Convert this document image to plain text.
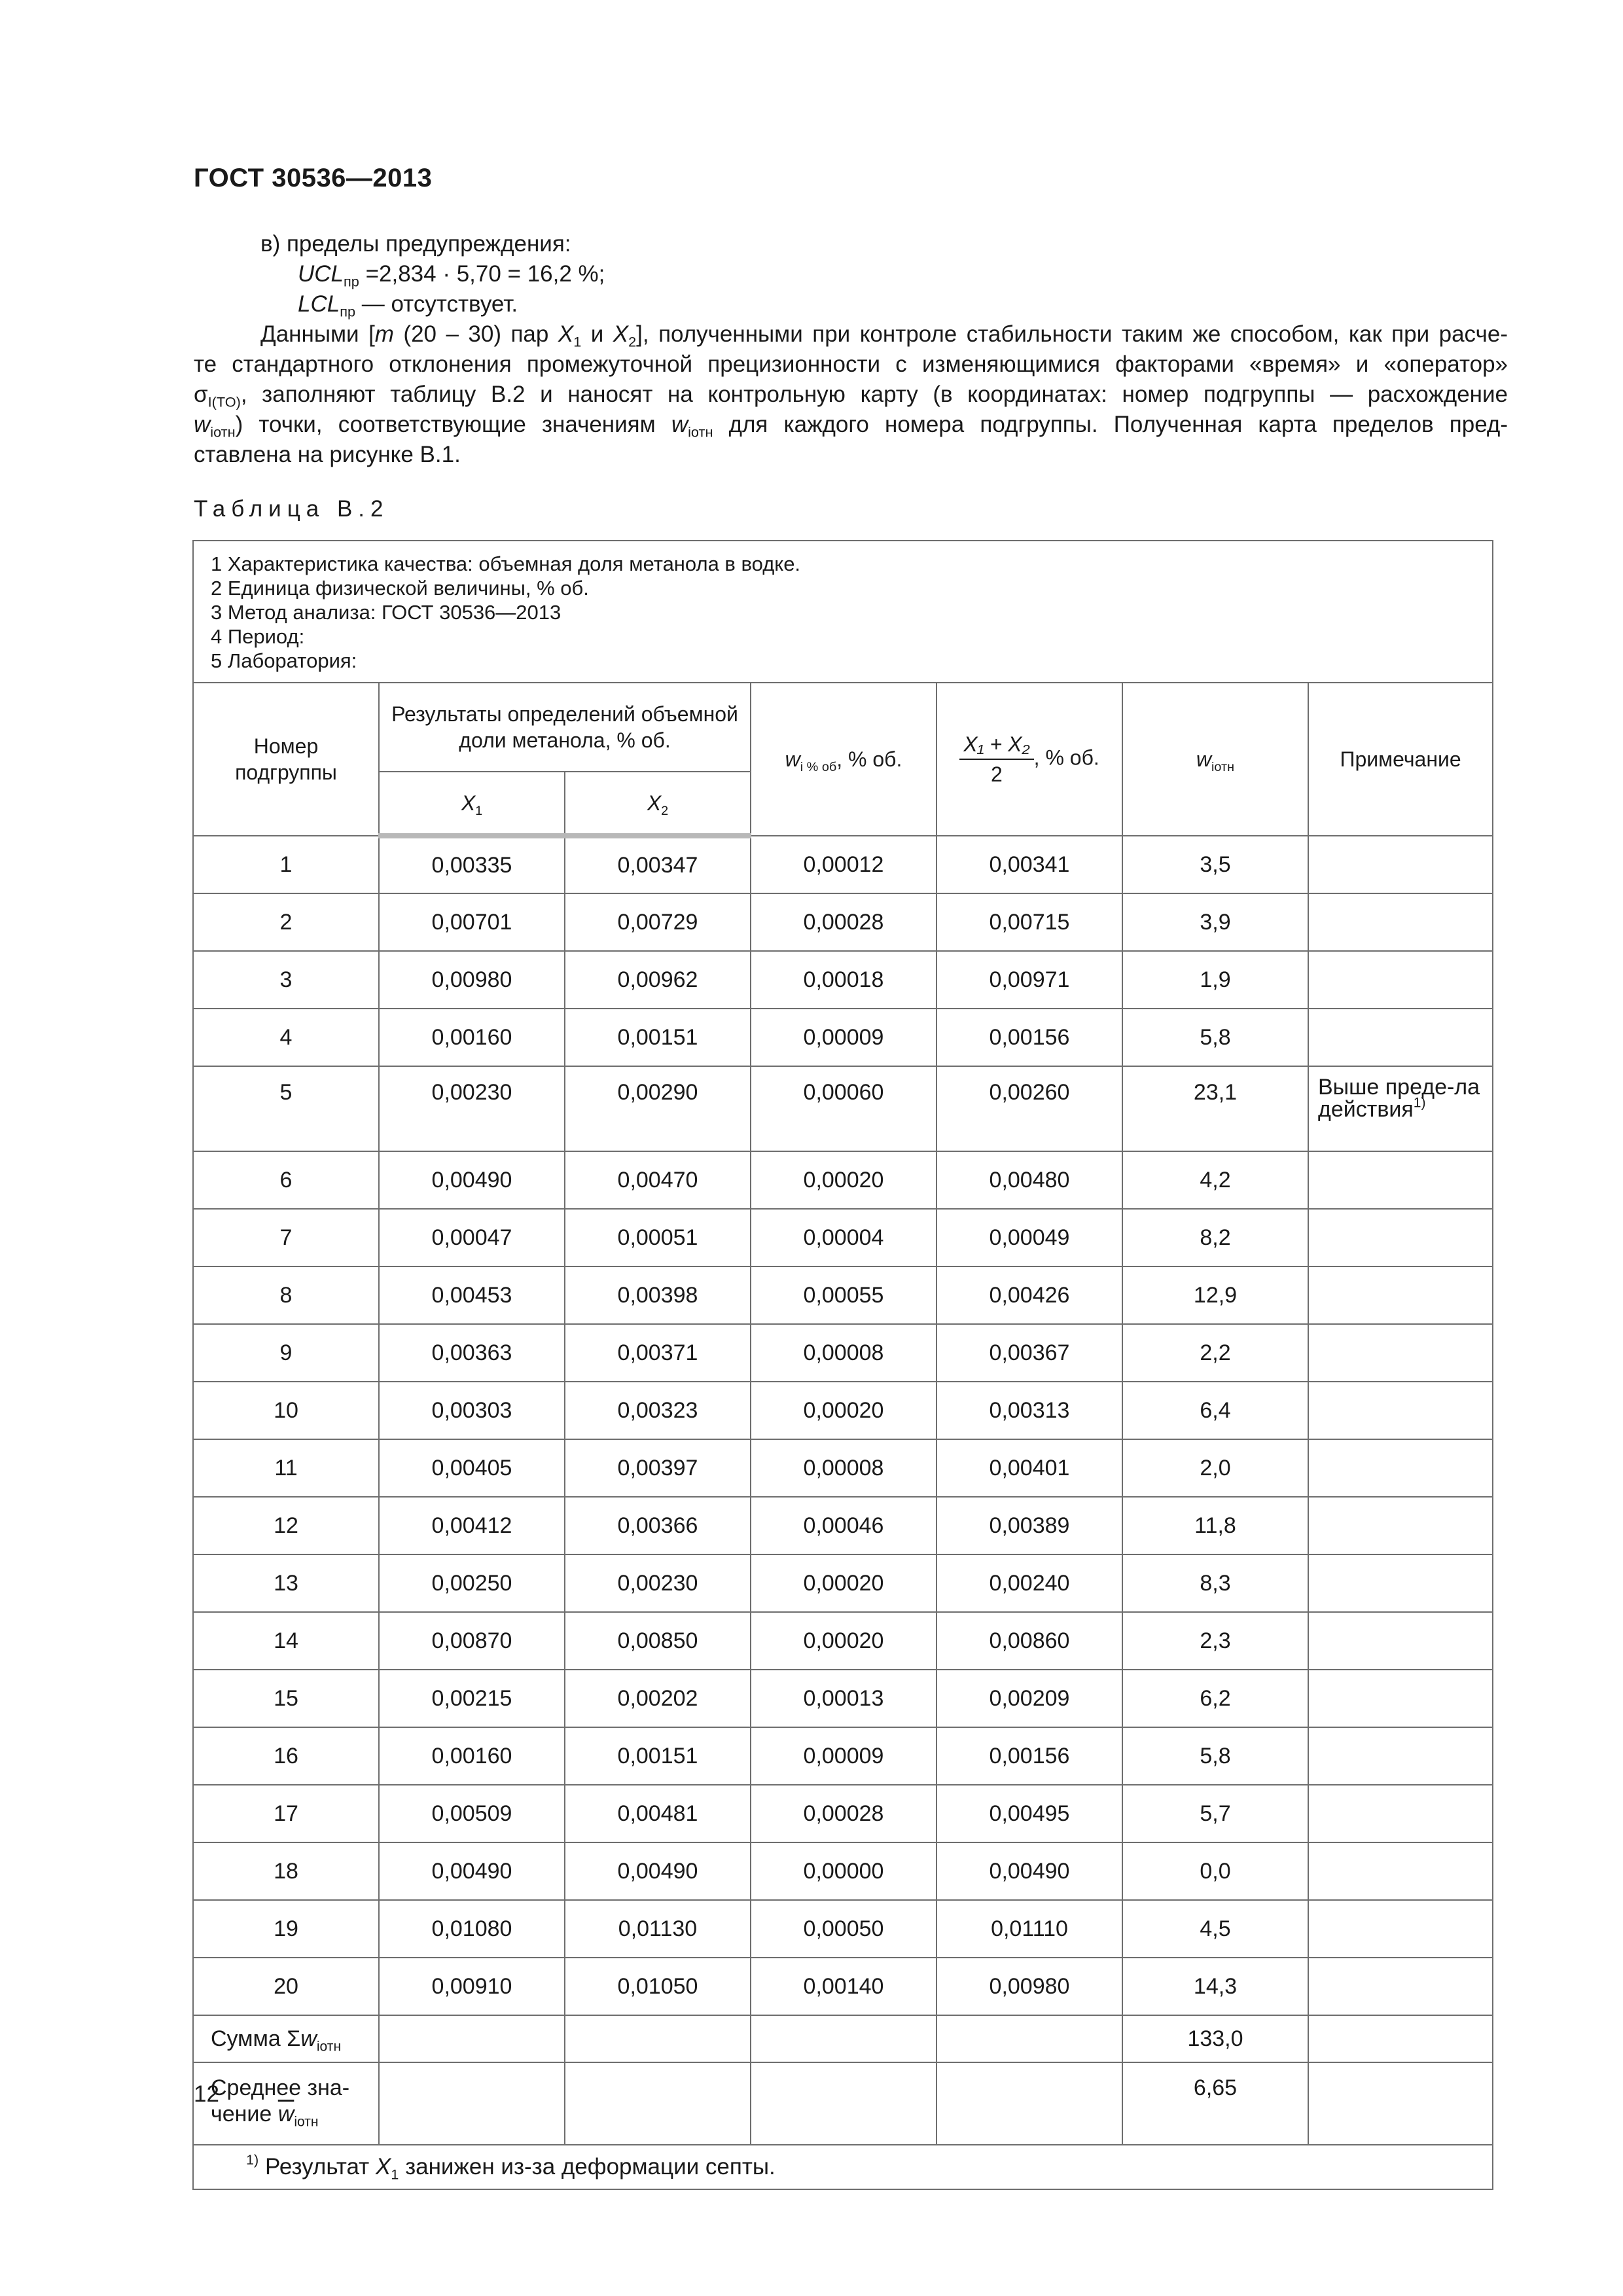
ГОСТ 30536—2013
в) пределы предупреждения:
$UCL_{пр} =2,834 \cdot 5,70 = 16,2$ %;
$LCL_{пр}$ — отсутствует.
Данными [m (20 – 30) пар $X_1$ и $X_2$], полученными при контроле стабильности таким же способом, как при расче-
те стандартного отклонения промежуточной прецизионности с изменяющимися факторами «время» и «оператор»
$\sigma_{I(TO)}$, заполняют таблицу В.2 и наносят на контрольную карту (в координатах: номер подгруппы — расхождение
$w_{iотн}$) точки, соответствующие значениям $w_{iотн}$ для каждого номера подгруппы. Полученная карта пределов пред-
ставлена на рисунке В.1.
Таблица В.2
1 Характеристика качества: объемная доля метанола в водке.
2 Единица физической величины, % об.
3 Метод анализа: ГОСТ 30536—2013
4 Период:
5 Лаборатория:						

Номер подгруппы	Результаты определений объемной доли метанола, % об.		$w_{i \% об}$, % об.	$\frac{\text{X₁ + X₂}}{2}$ , % об.	$w_{iотн}$	Примечание
	$X_1$	$X_2$
1	0,00335	0,00347	0,00012	0,00341	3,5	
2	0,00701	0,00729	0,00028	0,00715	3,9	
3	0,00980	0,00962	0,00018	0,00971	1,9	
4	0,00160	0,00151	0,00009	0,00156	5,8	
5	0,00230	0,00290	0,00060	0,00260	23,1	Выше преде-ла действия$^{1)}$
6	0,00490	0,00470	0,00020	0,00480	4,2	
7	0,00047	0,00051	0,00004	0,00049	8,2	
8	0,00453	0,00398	0,00055	0,00426	12,9	
9	0,00363	0,00371	0,00008	0,00367	2,2	
10	0,00303	0,00323	0,00020	0,00313	6,4	
11	0,00405	0,00397	0,00008	0,00401	2,0	
12	0,00412	0,00366	0,00046	0,00389	11,8	
13	0,00250	0,00230	0,00020	0,00240	8,3	
14	0,00870	0,00850	0,00020	0,00860	2,3	
15	0,00215	0,00202	0,00013	0,00209	6,2	
16	0,00160	0,00151	0,00009	0,00156	5,8	
17	0,00509	0,00481	0,00028	0,00495	5,7	
18	0,00490	0,00490	0,00000	0,00490	0,0	
19	0,01080	0,01130	0,00050	0,01110	4,5	
20	0,00910	0,01050	0,00140	0,00980	14,3	
Сумма $\Sigma w_{iотн}$					133,0	
Среднее зна-
чение $\overline{w}_{iотн}$					6,65	
$^{1)}$ Результат $X_1$ занижен из-за деформации септы.						
12
